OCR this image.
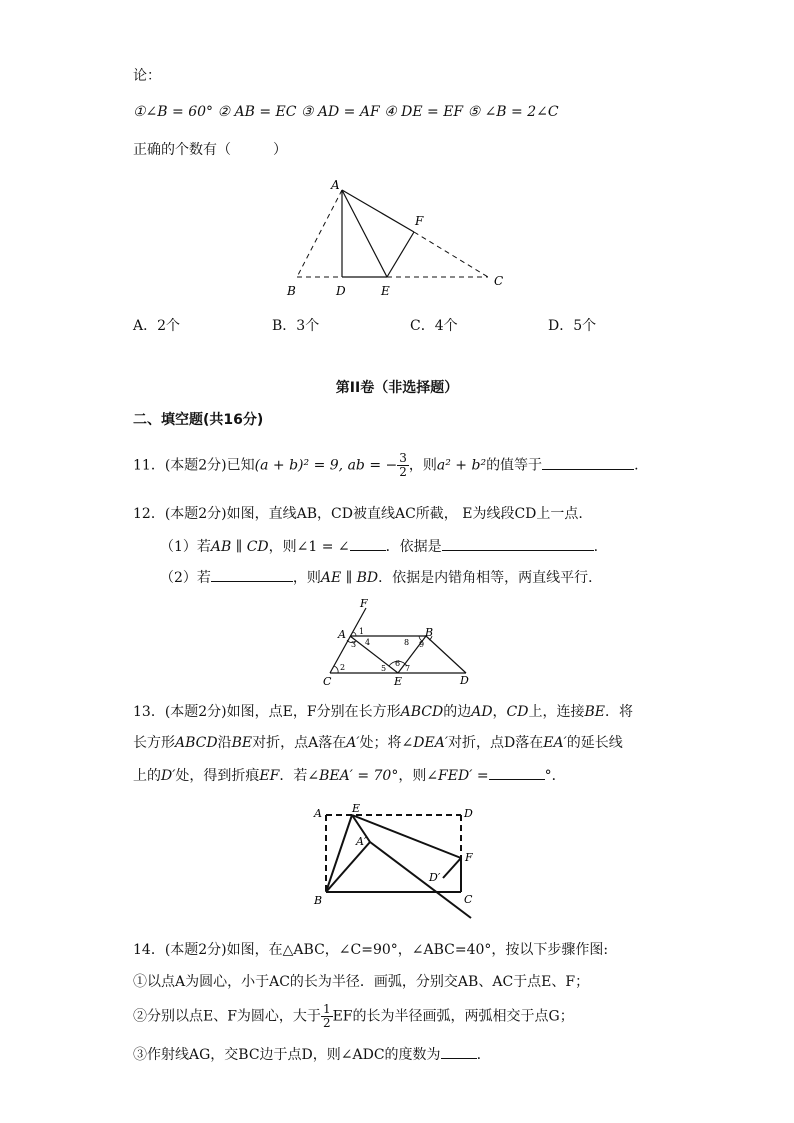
论：
①∠B = 60° ② AB = EC ③ AD = AF ④ DE = EF ⑤ ∠B = 2∠C
正确的个数有（　　　）
A
F
C
B	D	E
A．2个	B．3个	C．4个	D．5个
第II卷（非选择题）
二、填空题(共16分)
11．(本题2分)已知(a + b)² = 9, ab = − $\frac{3}{2}$ ，则a² + b²的值等于	.
12．(本题2分)如图，直线AB，CD被直线AC所截， E为线段CD上一点.
（1）若AB ∥ CD，则∠1 = ∠	．依据是	.
（2）若	，则AE ∥ BD．依据是内错角相等，两直线平行．
F
A	B
C	E	D
1
3 4
2	5
6
7
8 9
13．(本题2分)如图，点E，F分别在长方形ABCD的边AD，CD上，连接BE．将
长方形ABCD沿BE对折，点A落在A′处；将∠DEA′对折，点D落在EA′的延长线
上的D′处，得到折痕EF．若∠BEA′ = 70°，则∠FED′ =	°．
A	E	D
A′
F
D′
B	C
14．(本题2分)如图，在△ABC，∠C=90°，∠ABC=40°，按以下步骤作图:
①以点A为圆心，小于AC的长为半径．画弧，分别交AB、AC于点E、F；
②分别以点E、F为圆心，大于 $\frac{1}{2}$ EF的长为半径画弧，两弧相交于点G；
③作射线AG，交BC边于点D，则∠ADC的度数为	.
